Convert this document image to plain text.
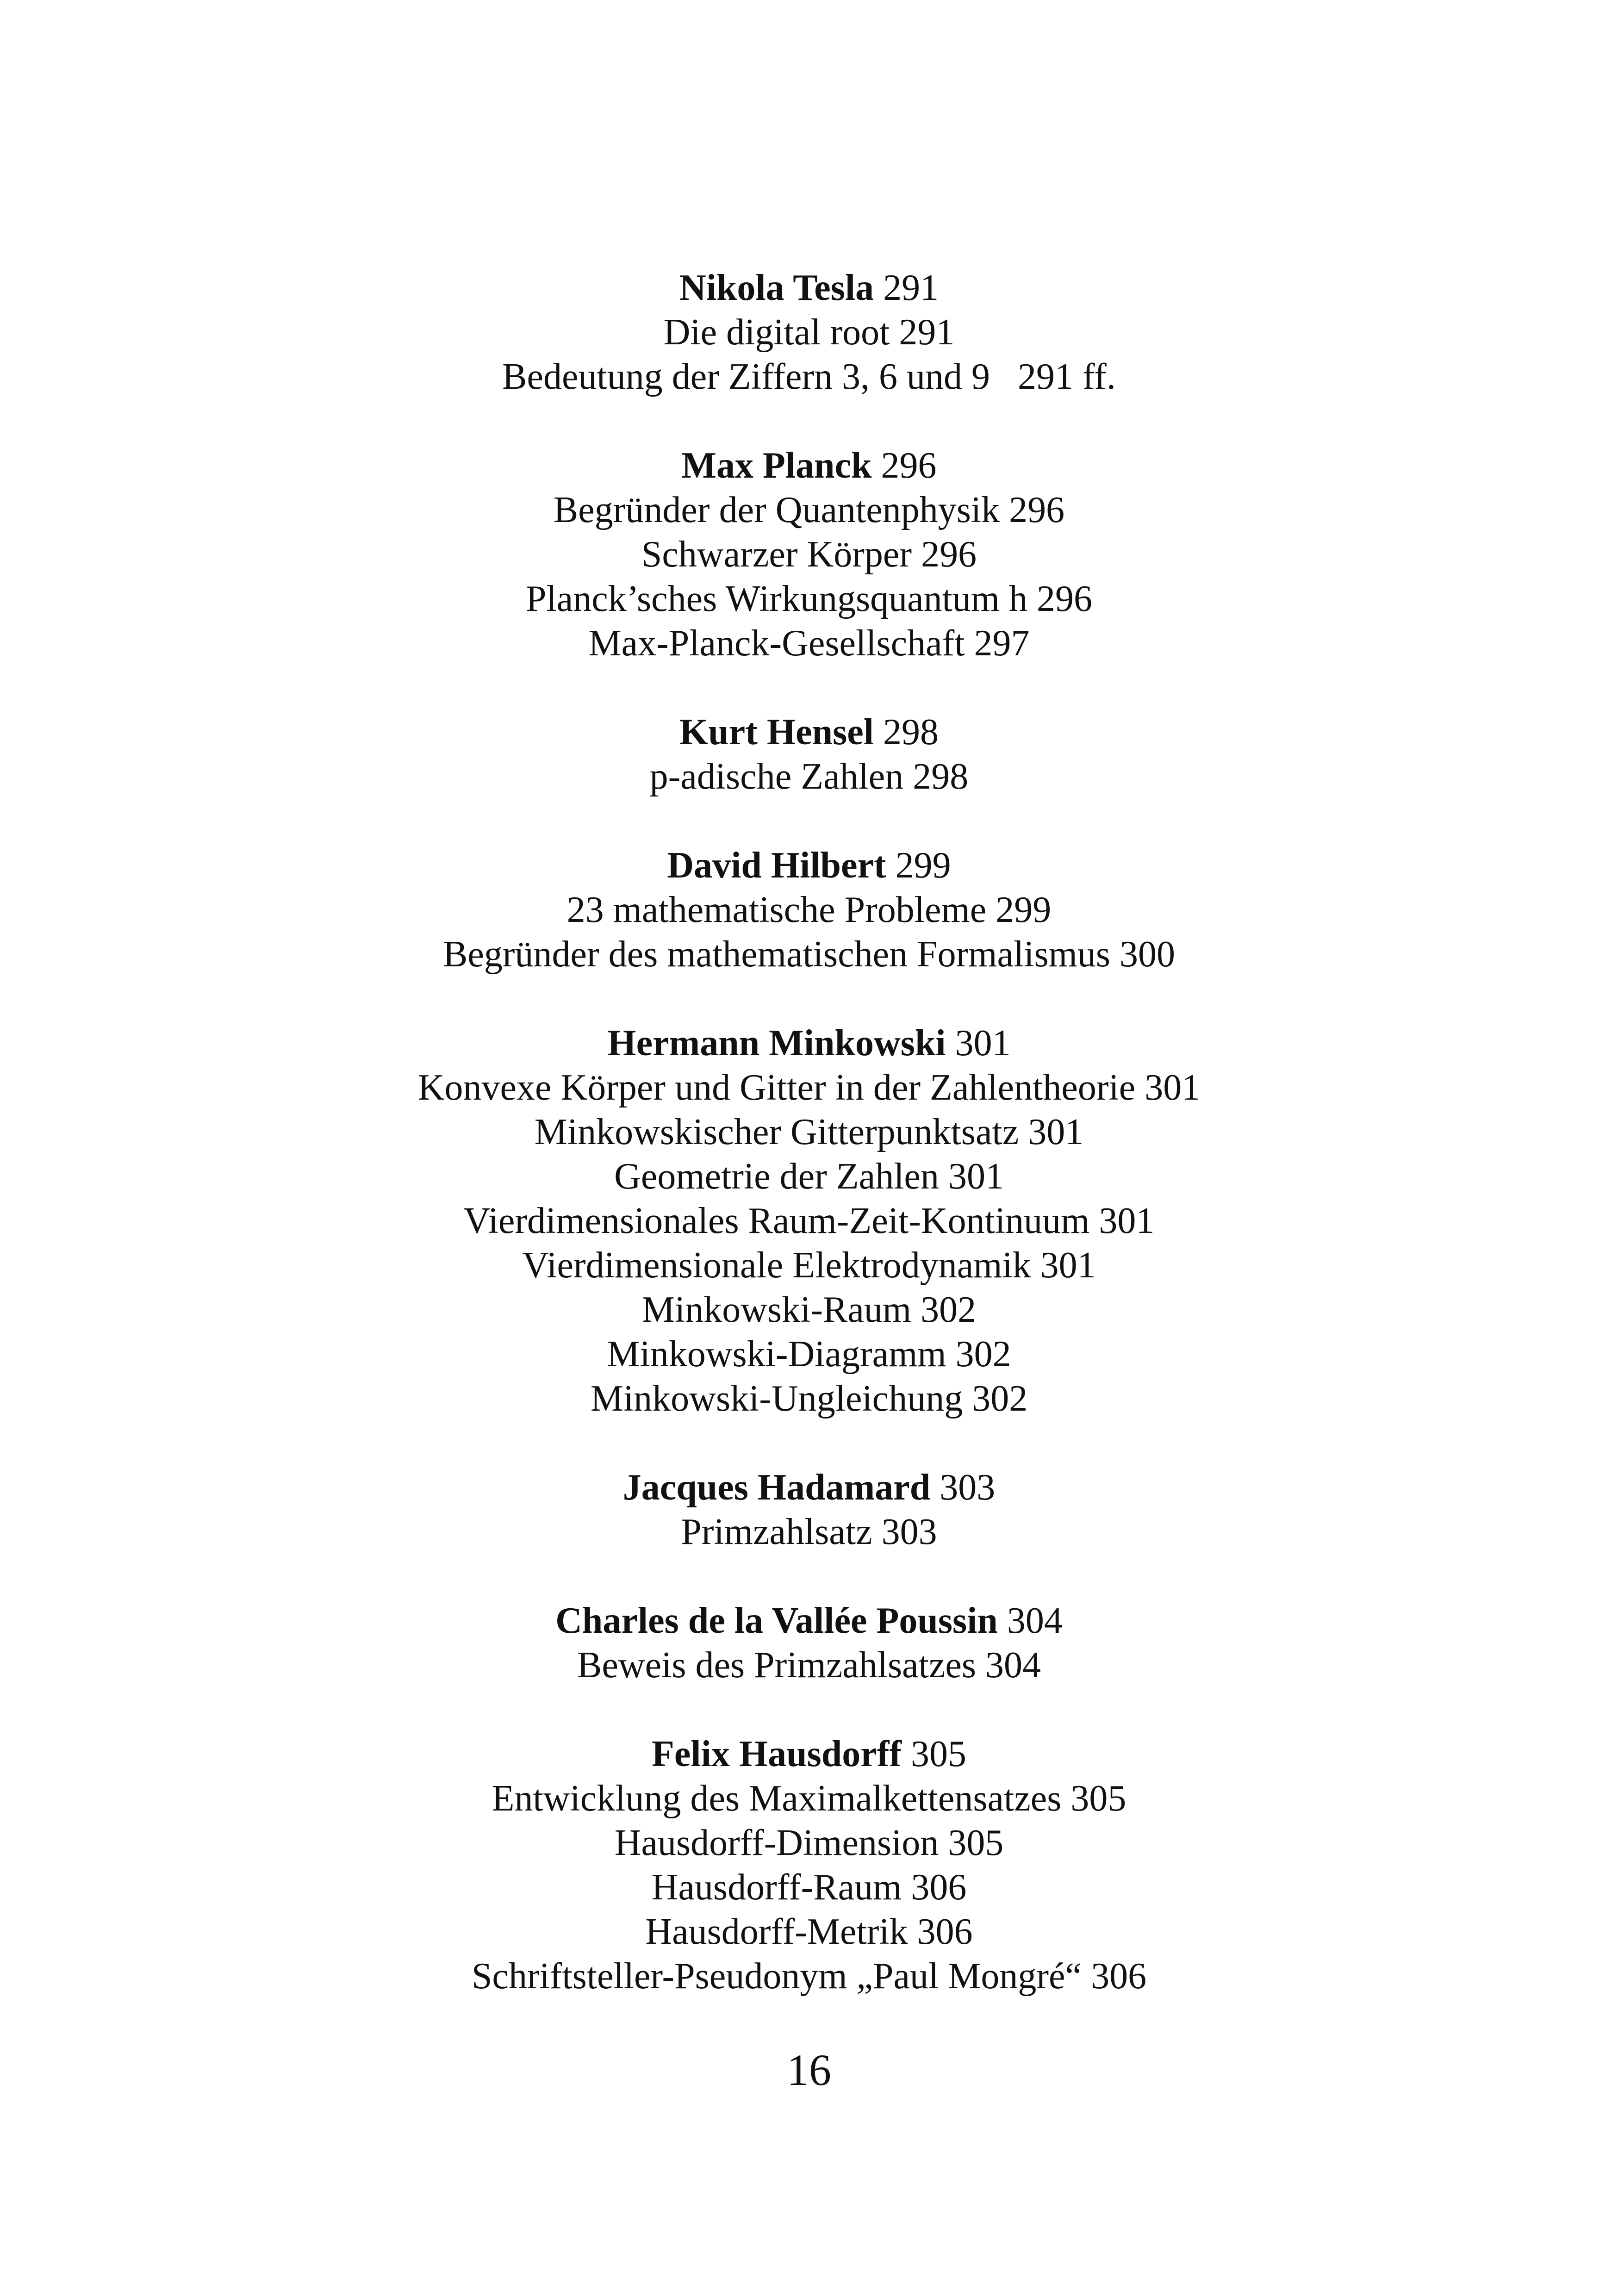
Nikola Tesla 291
Die digital root 291
Bedeutung der Ziffern 3, 6 und 9   291 ff.
Max Planck 296
Begründer der Quantenphysik 296
Schwarzer Körper 296
Planck’sches Wirkungsquantum h 296
Max-Planck-Gesellschaft 297
Kurt Hensel 298
p-adische Zahlen 298
David Hilbert 299
23 mathematische Probleme 299
Begründer des mathematischen Formalismus 300
Hermann Minkowski 301
Konvexe Körper und Gitter in der Zahlentheorie 301
Minkowskischer Gitterpunktsatz 301
Geometrie der Zahlen 301
Vierdimensionales Raum-Zeit-Kontinuum 301
Vierdimensionale Elektrodynamik 301
Minkowski-Raum 302
Minkowski-Diagramm 302
Minkowski-Ungleichung 302
Jacques Hadamard 303
Primzahlsatz 303
Charles de la Vallée Poussin 304
Beweis des Primzahlsatzes 304
Felix Hausdorff 305
Entwicklung des Maximalkettensatzes 305
Hausdorff-Dimension 305
Hausdorff-Raum 306
Hausdorff-Metrik 306
Schriftsteller-Pseudonym „Paul Mongré“ 306
16
